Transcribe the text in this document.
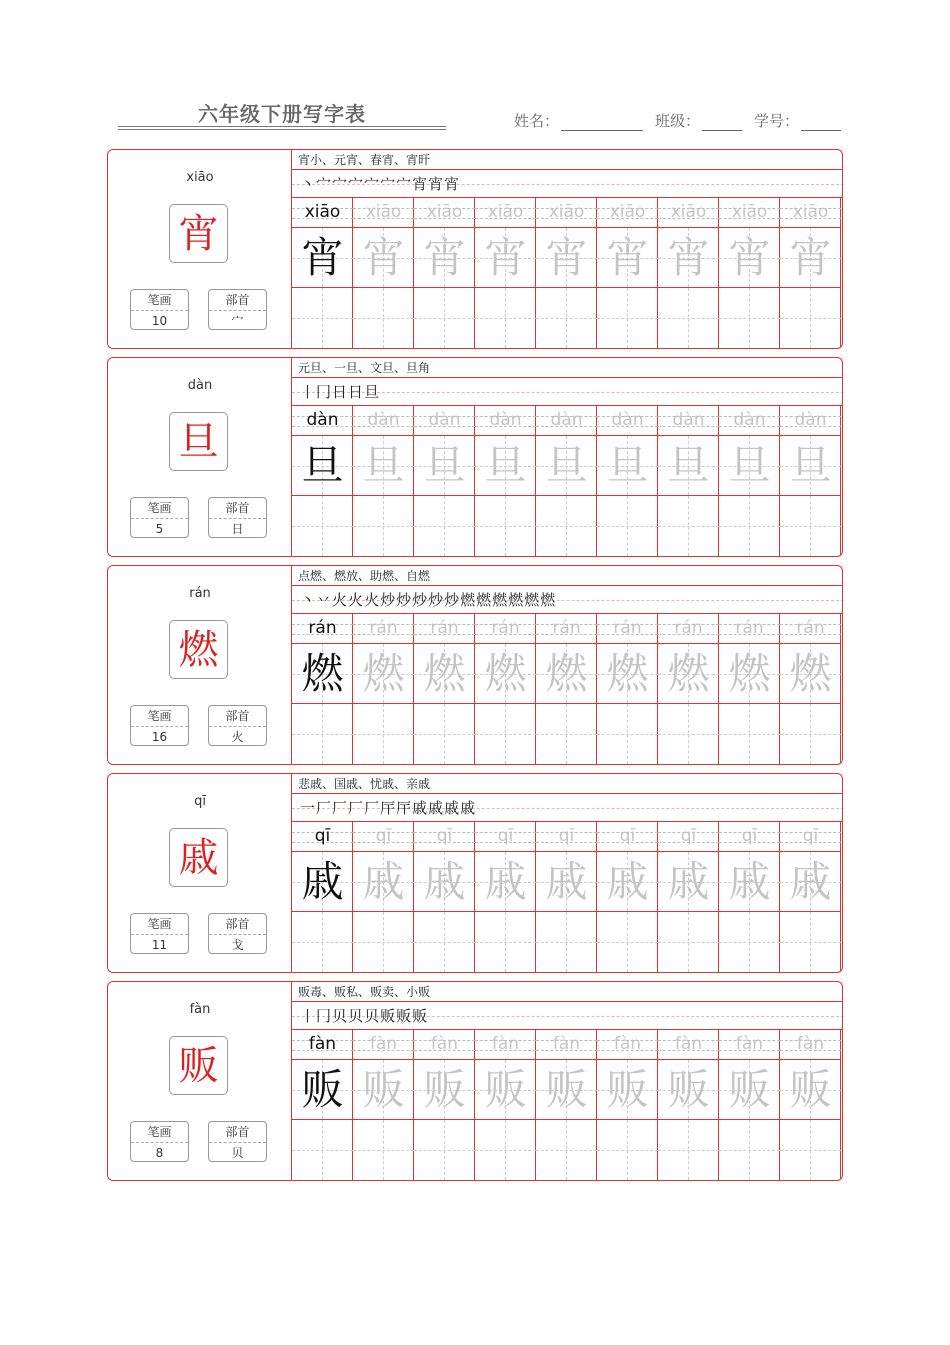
六年级下册写字表	姓名：	班级：	学号：
xiāo
宵
笔画
10
部首
宀
宵小、元宵、春宵、宵旰
丶宀宀宀宀宀宀宵宵宵
xiāo
宵
xiāo
宵
xiāo
宵
xiāo
宵
xiāo
宵
xiāo
宵
xiāo
宵
xiāo
宵
xiāo
宵
dàn
旦
笔画
5
部首
日
元旦、一旦、文旦、旦角
丨冂日日旦
dàn
旦
dàn
旦
dàn
旦
dàn
旦
dàn
旦
dàn
旦
dàn
旦
dàn
旦
dàn
旦
rán
燃
笔画
16
部首
火
点燃、燃放、助燃、自燃
丶丷火火火炒炒炒炒炒燃燃燃燃燃燃
rán
燃
rán
燃
rán
燃
rán
燃
rán
燃
rán
燃
rán
燃
rán
燃
rán
燃
qī
戚
笔画
11
部首
戈
悲戚、国戚、忧戚、亲戚
一厂厂厂厂厈厈戚戚戚戚
qī
戚
qī
戚
qī
戚
qī
戚
qī
戚
qī
戚
qī
戚
qī
戚
qī
戚
fàn
贩
笔画
8
部首
贝
贩毒、贩私、贩卖、小贩
丨冂贝贝贝贩贩贩
fàn
贩
fàn
贩
fàn
贩
fàn
贩
fàn
贩
fàn
贩
fàn
贩
fàn
贩
fàn
贩
